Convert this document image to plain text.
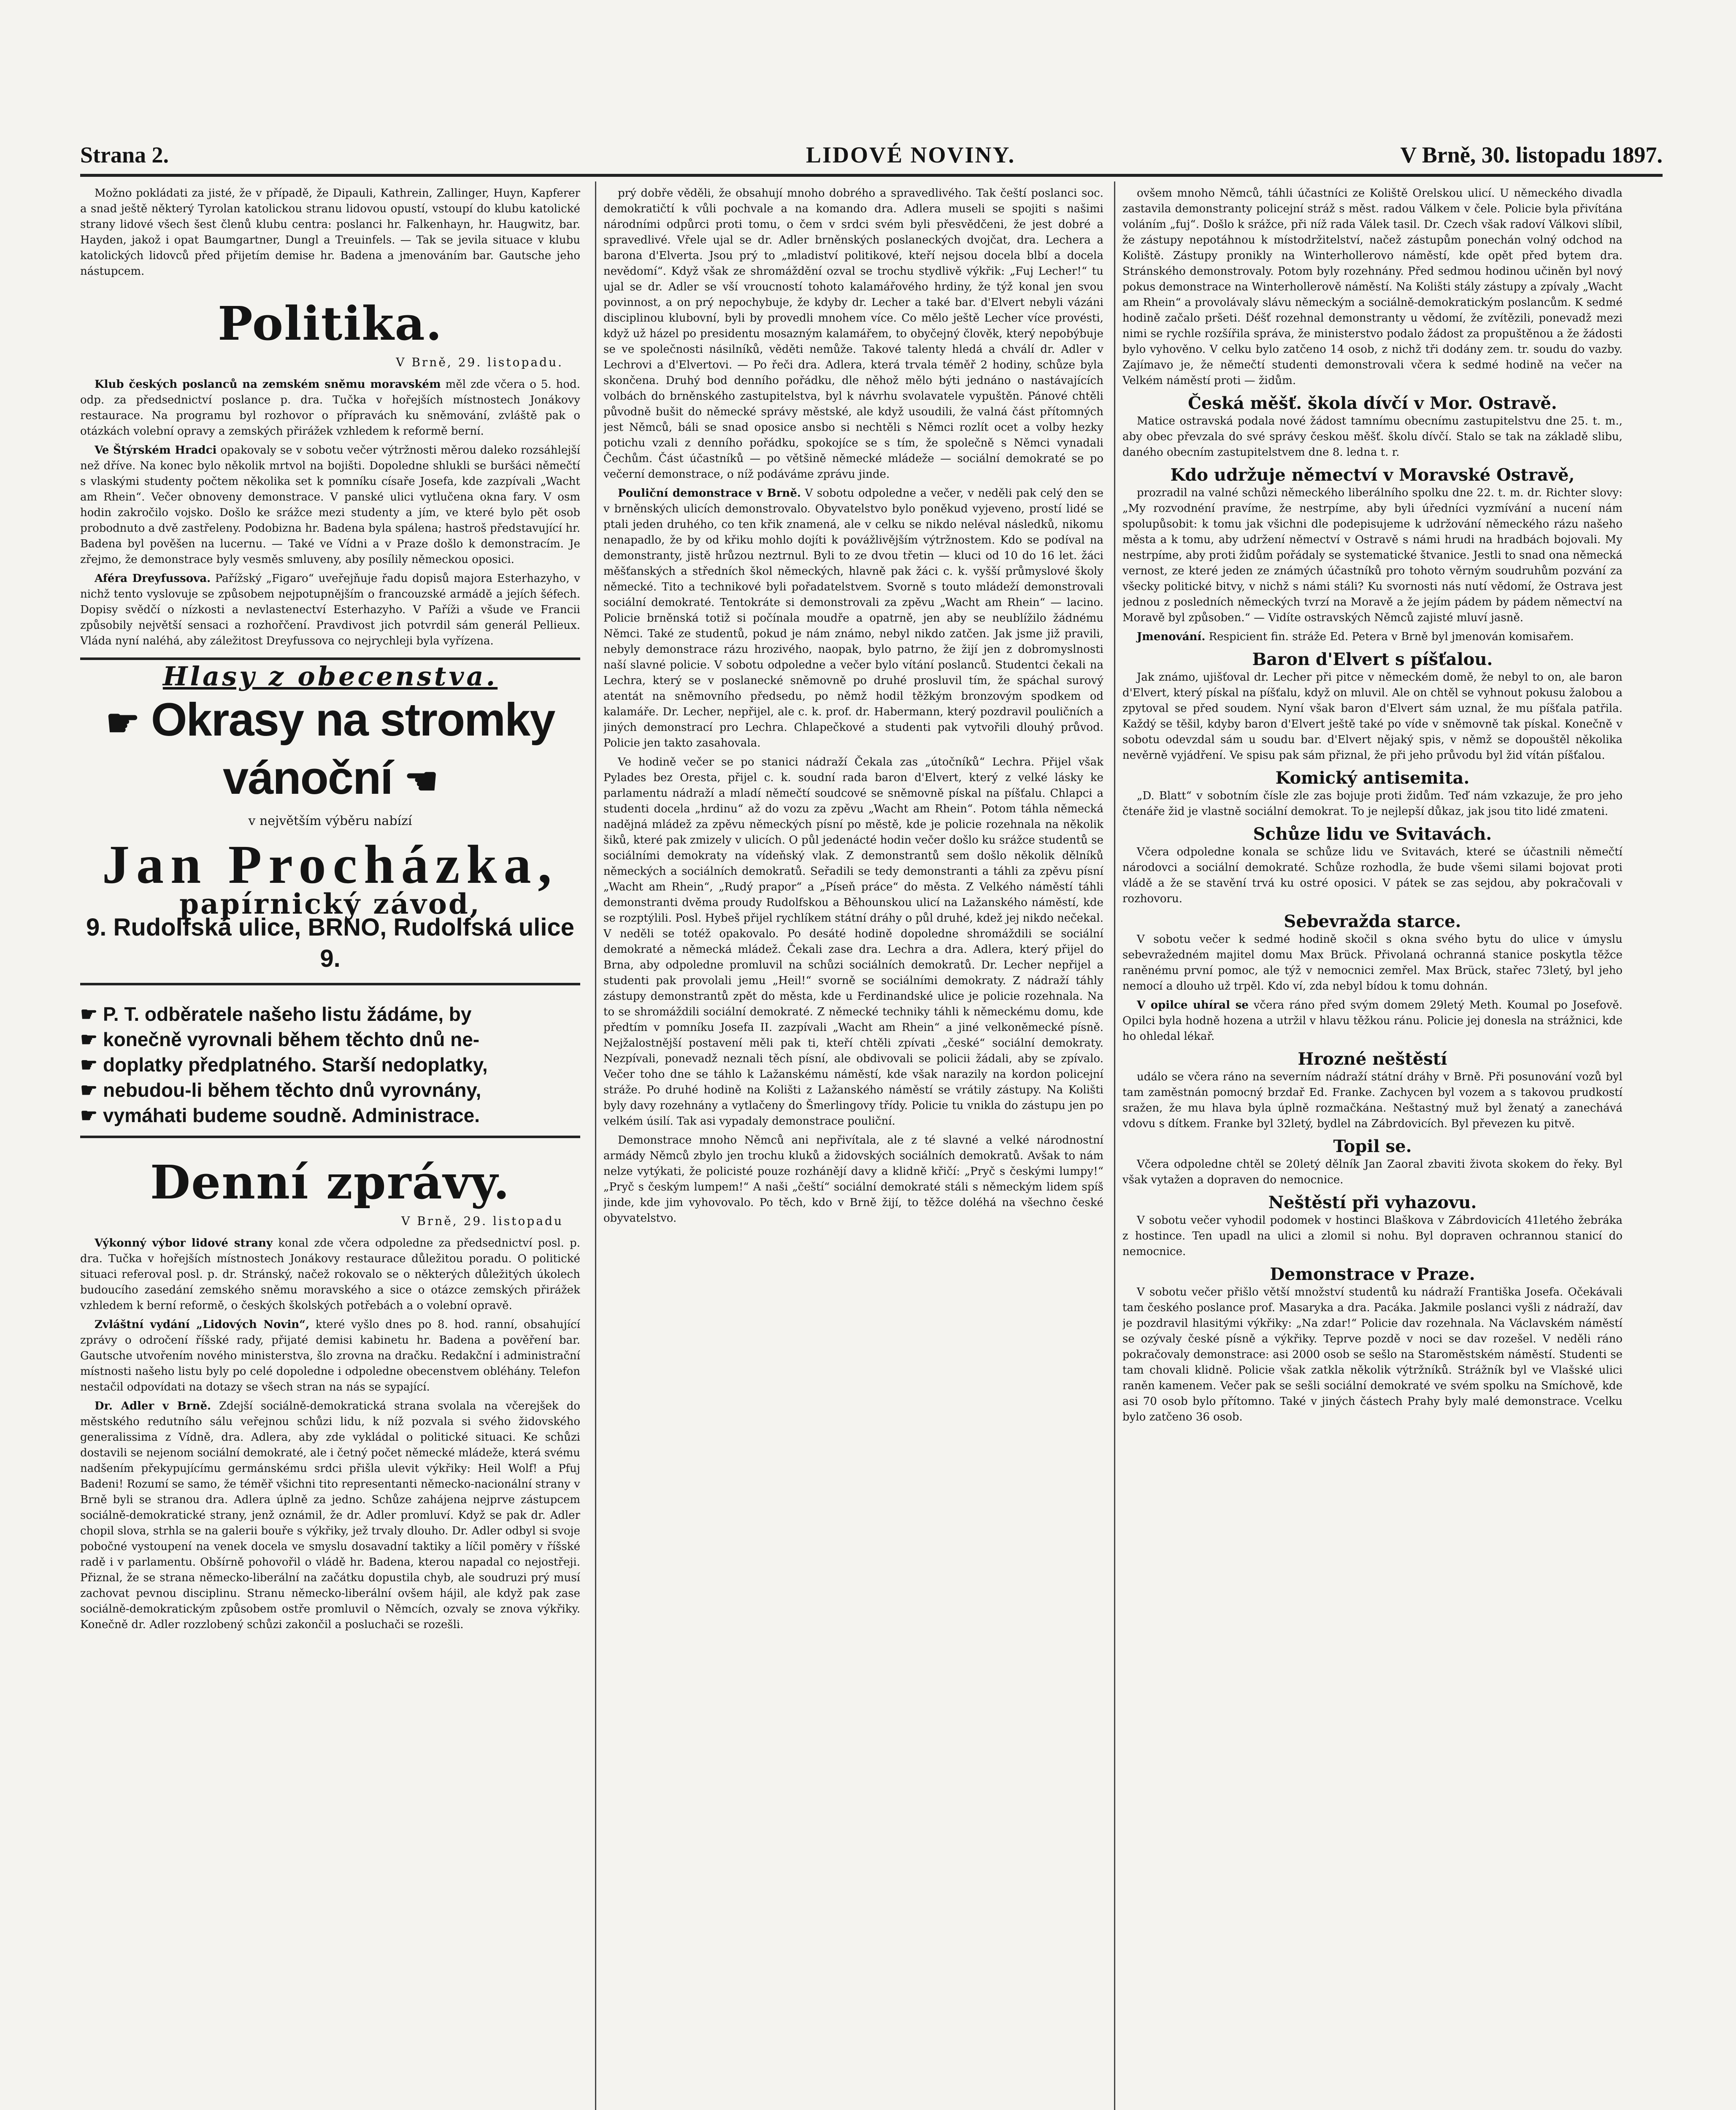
Strana 2.	LIDOVÉ NOVINY.	V Brně, 30. listopadu 1897.

Možno pokládati za jisté, že v případě, že Dipauli, Kathrein, Zallinger, Huyn, Kapferer a snad ještě některý Tyrolan katolickou stranu lidovou opustí, vstoupí do klubu katolické strany lidové všech šest členů klubu centra: poslanci hr. Falkenhayn, hr. Haugwitz, bar. Hayden, jakož i opat Baumgartner, Dungl a Treuinfels. — Tak se jevila situace v klubu katolických lidovců před přijetím demise hr. Badena a jmenováním bar. Gautsche jeho nástupcem.

Politika.
V Brně, 29. listopadu.

Klub českých poslanců na zemském sněmu moravském měl zde včera o 5. hod. odp. za předsednictví poslance p. dra. Tučka v hořejších místnostech Jonákovy restaurace. Na programu byl rozhovor o přípravách ku sněmování, zvláště pak o otázkách volební opravy a zemských přirážek vzhledem k reformě berní.

Ve Štýrském Hradci opakovaly se v sobotu večer výtržnosti měrou daleko rozsáhlejší než dříve. Na konec bylo několik mrtvol na bojišti. Dopoledne shlukli se buršáci němečtí s vlaskými studenty počtem několika set k pomníku císaře Josefa, kde zazpívali „Wacht am Rhein“. Večer obnoveny demonstrace. V panské ulici vytlučena okna fary. V osm hodin zakročilo vojsko. Došlo ke srážce mezi studenty a jím, ve které bylo pět osob probodnuto a dvě zastřeleny. Podobizna hr. Badena byla spálena; hastroš představující hr. Badena byl pověšen na lucernu. — Také ve Vídni a v Praze došlo k demonstracím. Je zřejmo, že demonstrace byly vesměs smluveny, aby posílily německou oposici.

Aféra Dreyfussova. Pařížský „Figaro“ uveřejňuje řadu dopisů majora Esterhazyho, v nichž tento vyslovuje se způsobem nejpotupnějším o francouzské armádě a jejích šéfech. Dopisy svědčí o nízkosti a nevlastenectví Esterhazyho. V Paříži a všude ve Francii způsobily největší sensaci a rozhořčení. Pravdivost jich potvrdil sám generál Pellieux. Vláda nyní naléhá, aby záležitost Dreyfussova co nejrychleji byla vyřízena.

Hlasy z obecenstva.
☛ Okrasy na stromky vánoční ☚
v největším výběru nabízí
Jan Procházka,
papírnický závod,
9. Rudolfská ulice, BRNO, Rudolfská ulice 9.
☛ P. T. odběratele našeho listu žádáme, by
☛ konečně vyrovnali během těchto dnů ne-
☛ doplatky předplatného. Starší nedoplatky,
☛ nebudou-li během těchto dnů vyrovnány,
☛ vymáhati budeme soudně. Administrace.
Denní zprávy.
V Brně, 29. listopadu

Výkonný výbor lidové strany konal zde včera odpoledne za předsednictví posl. p. dra. Tučka v hořejších místnostech Jonákovy restaurace důležitou poradu. O politické situaci referoval posl. p. dr. Stránský, načež rokovalo se o některých důležitých úkolech budoucího zasedání zemského sněmu moravského a sice o otázce zemských přirážek vzhledem k berní reformě, o českých školských potřebách a o volební opravě.

Zvláštní vydání „Lidových Novin“, které vyšlo dnes po 8. hod. ranní, obsahující zprávy o odročení říšské rady, přijaté demisi kabinetu hr. Badena a pověření bar. Gautsche utvořením nového ministerstva, šlo zrovna na dračku. Redakční i administrační místnosti našeho listu byly po celé dopoledne i odpoledne obecenstvem obléhány. Telefon nestačil odpovídati na dotazy se všech stran na nás se sypající.

Dr. Adler v Brně. Zdejší sociálně-demokratická strana svolala na včerejšek do městského redutního sálu veřejnou schůzi lidu, k níž pozvala si svého židovského generalissima z Vídně, dra. Adlera, aby zde vykládal o politické situaci. Ke schůzi dostavili se nejenom sociální demokraté, ale i četný počet německé mládeže, která svému nadšením překypujícímu germánskému srdci přišla ulevit výkřiky: Heil Wolf! a Pfuj Badeni! Rozumí se samo, že téměř všichni tito representanti německo-nacionální strany v Brně byli se stranou dra. Adlera úplně za jedno. Schůze zahájena nejprve zástupcem sociálně-demokratické strany, jenž oznámil, že dr. Adler promluví. Když se pak dr. Adler chopil slova, strhla se na galerii bouře s výkřiky, jež trvaly dlouho. Dr. Adler odbyl si svoje pobočné vystoupení na venek docela ve smyslu dosavadní taktiky a líčil poměry v říšské radě i v parlamentu. Obšírně pohovořil o vládě hr. Badena, kterou napadal co nejostřeji. Přiznal, že se strana německo-liberální na začátku dopustila chyb, ale soudruzi prý musí zachovat pevnou disciplinu. Stranu německo-liberální ovšem hájil, ale když pak zase sociálně-demokratickým způsobem ostře promluvil o Němcích, ozvaly se znova výkřiky. Konečně dr. Adler rozzlobený schůzi zakončil a posluchači se rozešli.

prý dobře věděli, že obsahují mnoho dobrého a spravedlivého. Tak čeští poslanci soc. demokratičtí k vůli pochvale a na komando dra. Adlera museli se spojiti s našimi národními odpůrci proti tomu, o čem v srdci svém byli přesvědčeni, že jest dobré a spravedlivé. Vřele ujal se dr. Adler brněnských poslaneckých dvojčat, dra. Lechera a barona d'Elverta. Jsou prý to „mladiství politikové, kteří nejsou docela blbí a docela nevědomí“. Když však ze shromáždění ozval se trochu stydlivě výkřik: „Fuj Lecher!“ tu ujal se dr. Adler se vší vroucností tohoto kalamářového hrdiny, že týž konal jen svou povinnost, a on prý nepochybuje, že kdyby dr. Lecher a také bar. d'Elvert nebyli vázáni disciplinou klubovní, byli by provedli mnohem více. Co mělo ještě Lecher více provésti, když už házel po presidentu mosazným kalamářem, to obyčejný člověk, který nepobýbuje se ve společnosti násilníků, věděti nemůže. Takové talenty hledá a chválí dr. Adler v Lechrovi a d'Elvertovi. — Po řeči dra. Adlera, která trvala téměř 2 hodiny, schůze byla skončena. Druhý bod denního pořádku, dle něhož mělo býti jednáno o nastávajících volbách do brněnského zastupitelstva, byl k návrhu svolavatele vypuštěn. Pánové chtěli původně bušit do německé správy městské, ale když usoudili, že valná část přítomných jest Němců, báli se snad oposice ansbo si nechtěli s Němci rozlít ocet a volby hezky potichu vzali z denního pořádku, spokojíce se s tím, že společně s Němci vynadali Čechům. Část účastníků — po většině německé mládeže — sociální demokraté se po večerní demonstrace, o níž podáváme zprávu jinde.

Pouliční demonstrace v Brně. V sobotu odpoledne a večer, v neděli pak celý den se v brněnských ulicích demonstrovalo. Obyvatelstvo bylo poněkud vyjeveno, prostí lidé se ptali jeden druhého, co ten křik znamená, ale v celku se nikdo neléval následků, nikomu nenapadlo, že by od křiku mohlo dojíti k povážlivějším výtržnostem. Kdo se podíval na demonstranty, jistě hrůzou neztrnul. Byli to ze dvou třetin — kluci od 10 do 16 let. žáci měšťanských a středních škol německých, hlavně pak žáci c. k. vyšší průmyslové školy německé. Tito a technikové byli pořadatelstvem. Svorně s touto mládeží demonstrovali sociální demokraté. Tentokráte si demonstrovali za zpěvu „Wacht am Rhein“ — lacino. Policie brněnská totiž si počínala moudře a opatrně, jen aby se neublížilo žádnému Němci. Také ze studentů, pokud je nám známo, nebyl nikdo zatčen. Jak jsme již pravili, nebyly demonstrace rázu hrozivého, naopak, bylo patrno, že žijí jen z dobromyslnosti naší slavné policie. V sobotu odpoledne a večer bylo vítání poslanců. Studentci čekali na Lechra, který se v poslanecké sněmovně po druhé prosluvil tím, že spáchal surový atentát na sněmovního předsedu, po němž hodil těžkým bronzovým spodkem od kalamáře. Dr. Lecher, nepřijel, ale c. k. prof. dr. Habermann, který pozdravil pouličních a jiných demonstrací pro Lechra. Chlapečkové a studenti pak vytvořili dlouhý průvod. Policie jen takto zasahovala.

Ve hodině večer se po stanici nádraží Čekala zas „útočníků“ Lechra. Přijel však Pylades bez Oresta, přijel c. k. soudní rada baron d'Elvert, který z velké lásky ke parlamentu nádraží a mladí němečtí soudcové se sněmovně pískal na píšťalu. Chlapci a studenti docela „hrdinu“ až do vozu za zpěvu „Wacht am Rhein“. Potom táhla německá nadějná mládež za zpěvu německých písní po městě, kde je policie rozehnala na několik šiků, které pak zmizely v ulicích. O půl jedenácté hodin večer došlo ku srážce studentů se sociálními demokraty na vídeňský vlak. Z demonstrantů sem došlo několik dělníků německých a sociálních demokratů. Seřadili se tedy demonstranti a táhli za zpěvu písní „Wacht am Rhein“, „Rudý prapor“ a „Píseň práce“ do města. Z Velkého náměstí táhli demonstranti dvěma proudy Rudolfskou a Běhounskou ulicí na Lažanského náměstí, kde se rozptýlili. Posl. Hybeš přijel rychlíkem státní dráhy o půl druhé, kdež jej nikdo nečekal. V neděli se totéž opakovalo. Po desáté hodině dopoledne shromáždili se sociální demokraté a německá mládež. Čekali zase dra. Lechra a dra. Adlera, který přijel do Brna, aby odpoledne promluvil na schůzi sociálních demokratů. Dr. Lecher nepřijel a studenti pak provolali jemu „Heil!“ svorně se sociálními demokraty. Z nádraží táhly zástupy demonstrantů zpět do města, kde u Ferdinandské ulice je policie rozehnala. Na to se shromáždili sociální demokraté. Z německé techniky táhli k německému domu, kde předtím v pomníku Josefa II. zazpívali „Wacht am Rhein“ a jiné velkoněmecké písně. Nejžalostnější postavení měli pak ti, kteří chtěli zpívati „české“ sociální demokraty. Nezpívali, ponevadž neznali těch písní, ale obdivovali se policii žádali, aby se zpívalo. Večer toho dne se táhlo k Lažanskému náměstí, kde však narazily na kordon policejní stráže. Po druhé hodině na Kolišti z Lažanského náměstí se vrátily zástupy. Na Kolišti byly davy rozehnány a vytlačeny do Šmerlingovy třídy. Policie tu vnikla do zástupu jen po velkém úsilí. Tak asi vypadaly demonstrace pouliční.

Demonstrace mnoho Němců ani nepřivítala, ale z té slavné a velké národnostní armády Němců zbylo jen trochu kluků a židovských sociálních demokratů. Avšak to nám nelze vytýkati, že policisté pouze rozhánějí davy a klidně křičí: „Pryč s českými lumpy!“ „Pryč s českým lumpem!“ A naši „čeští“ sociální demokraté stáli s německým lidem spíš jinde, kde jim vyhovovalo. Po těch, kdo v Brně žijí, to těžce doléhá na všechno české obyvatelstvo.

ovšem mnoho Němců, táhli účastníci ze Koliště Orelskou ulicí. U německého divadla zastavila demonstranty policejní stráž s měst. radou Válkem v čele. Policie byla přivítána voláním „fuj“. Došlo k srážce, při níž rada Válek tasil. Dr. Czech však radoví Válkovi slíbil, že zástupy nepotáhnou k místodržitelství, načež zástupům ponechán volný odchod na Koliště. Zástupy pronikly na Winterhollerovo náměstí, kde opět před bytem dra. Stránského demonstrovaly. Potom byly rozehnány. Před sedmou hodinou učiněn byl nový pokus demonstrace na Winterhollerově náměstí. Na Kolišti stály zástupy a zpívaly „Wacht am Rhein“ a provolávaly slávu německým a sociálně-demokratickým poslancům. K sedmé hodině začalo pršeti. Déšť rozehnal demonstranty u vědomí, že zvítězili, ponevadž mezi nimi se rychle rozšířila správa, že ministerstvo podalo žádost za propuštěnou a že žádosti bylo vyhověno. V celku bylo zatčeno 14 osob, z nichž tři dodány zem. tr. soudu do vazby. Zajímavo je, že němečtí studenti demonstrovali včera k sedmé hodině na večer na Velkém náměstí proti — židům.

Česká měšť. škola dívčí v Mor. Ostravě.

Matice ostravská podala nové žádost tamnímu obecnímu zastupitelstvu dne 25. t. m., aby obec převzala do své správy českou měšť. školu dívčí. Stalo se tak na základě slibu, daného obecním zastupitelstvem dne 8. ledna t. r.

Kdo udržuje němectví v Moravské Ostravě,

prozradil na valné schůzi německého liberálního spolku dne 22. t. m. dr. Richter slovy: „My rozvodnéní pravíme, že nestrpíme, aby byli úředníci vyzmívání a nucení nám spolupůsobit: k tomu jak všichni dle podepisujeme k udržování německého rázu našeho města a k tomu, aby udržení němectví v Ostravě s námi hrudi na hradbách bojovali. My nestrpíme, aby proti židům pořádaly se systematické štvanice. Jestli to snad ona německá vernost, ze které jeden ze známých účastníků pro tohoto věrným soudruhům pozvání za všecky politické bitvy, v nichž s námi stáli? Ku svornosti nás nutí vědomí, že Ostrava jest jednou z posledních německých tvrzí na Moravě a že jejím pádem by pádem němectví na Moravě byl způsoben.“ — Vidíte ostravských Němců zajisté mluví jasně.

Jmenování. Respicient fin. stráže Ed. Petera v Brně byl jmenován komisařem.

Baron d'Elvert s píšťalou.

Jak známo, ujišťoval dr. Lecher při pitce v německém domě, že nebyl to on, ale baron d'Elvert, který pískal na píšťalu, když on mluvil. Ale on chtěl se vyhnout pokusu žalobou a zpytoval se před soudem. Nyní však baron d'Elvert sám uznal, že mu píšťala patřila. Každý se těšil, kdyby baron d'Elvert ještě také po víde v sněmovně tak pískal. Konečně v sobotu odevzdal sám u soudu bar. d'Elvert nějaký spis, v němž se dopouštěl několika nevěrně vyjádření. Ve spisu pak sám přiznal, že při jeho průvodu byl žid vítán píšťalou.

Komický antisemita.

„D. Blatt“ v sobotním čísle zle zas bojuje proti židům. Teď nám vzkazuje, že pro jeho čtenáře žid je vlastně sociální demokrat. To je nejlepší důkaz, jak jsou tito lidé zmateni.

Schůze lidu ve Svitavách.

Včera odpoledne konala se schůze lidu ve Svitavách, které se účastnili němečtí národovci a sociální demokraté. Schůze rozhodla, že bude všemi silami bojovat proti vládě a že se stavění trvá ku ostré oposici. V pátek se zas sejdou, aby pokračovali v rozhovoru.

Sebevražda starce.

V sobotu večer k sedmé hodině skočil s okna svého bytu do ulice v úmyslu sebevražedném majitel domu Max Brück. Přivolaná ochranná stanice poskytla těžce raněnému první pomoc, ale týž v nemocnici zemřel. Max Brück, stařec 73letý, byl jeho nemocí a dlouho už trpěl. Kdo ví, zda nebyl bídou k tomu dohnán.

V opilce uhíral se včera ráno před svým domem 29letý Meth. Koumal po Josefově. Opilci byla hodně hozena a utržil v hlavu těžkou ránu. Policie jej donesla na strážnici, kde ho ohledal lékař.

Hrozné neštěstí

událo se včera ráno na severním nádraží státní dráhy v Brně. Při posunování vozů byl tam zaměstnán pomocný brzdař Ed. Franke. Zachycen byl vozem a s takovou prudkostí sražen, že mu hlava byla úplně rozmačkána. Neštastný muž byl ženatý a zanechává vdovu s dítkem. Franke byl 32letý, bydlel na Zábrdovicích. Byl převezen ku pitvě.

Topil se.

Včera odpoledne chtěl se 20letý dělník Jan Zaoral zbaviti života skokem do řeky. Byl však vytažen a dopraven do nemocnice.

Neštěstí při vyhazovu.

V sobotu večer vyhodil podomek v hostinci Blaškova v Zábrdovicích 41letého žebráka z hostince. Ten upadl na ulici a zlomil si nohu. Byl dopraven ochrannou stanicí do nemocnice.

Demonstrace v Praze.

V sobotu večer přišlo větší množství studentů ku nádraží Františka Josefa. Očekávali tam českého poslance prof. Masaryka a dra. Pacáka. Jakmile poslanci vyšli z nádraží, dav je pozdravil hlasitými výkřiky: „Na zdar!“ Policie dav rozehnala. Na Václavském náměstí se ozývaly české písně a výkřiky. Teprve pozdě v noci se dav rozešel. V neděli ráno pokračovaly demonstrace: asi 2000 osob se sešlo na Staroměstském náměstí. Studenti se tam chovali klidně. Policie však zatkla několik výtržníků. Strážník byl ve Vlašské ulici raněn kamenem. Večer pak se sešli sociální demokraté ve svém spolku na Smíchově, kde asi 70 osob bylo přítomno. Také v jiných částech Prahy byly malé demonstrace. Vcelku bylo zatčeno 36 osob.
